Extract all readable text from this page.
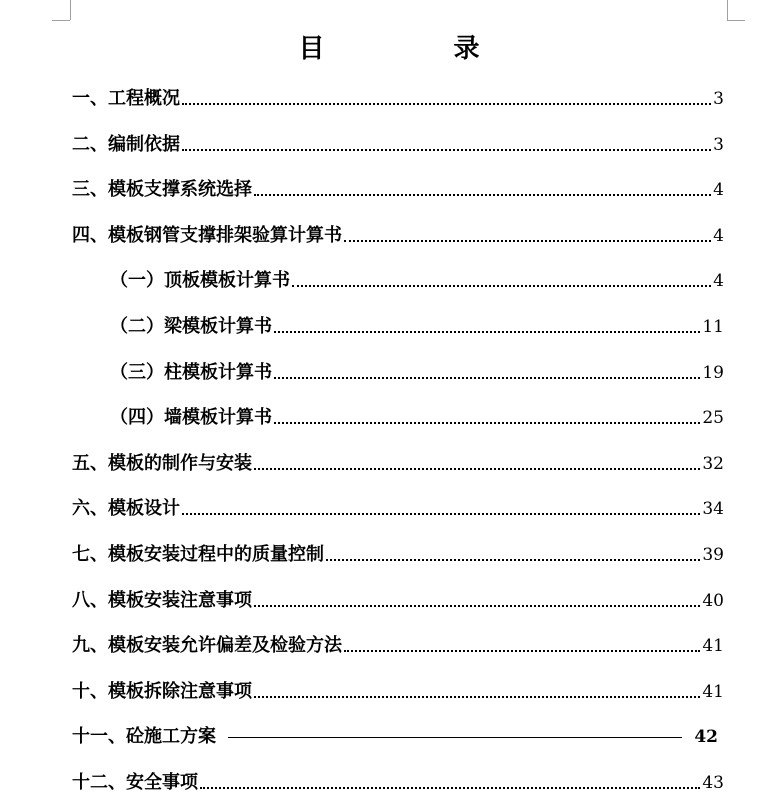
目 录
一、工程概况	3
二、编制依据	3
三、模板支撑系统选择	4
四、模板钢管支撑排架验算计算书	4
（一）顶板模板计算书	4
（二）梁模板计算书	11
（三）柱模板计算书	19
（四）墙模板计算书	25
五、模板的制作与安装	32
六、模板设计	34
七、模板安装过程中的质量控制	39
八、模板安装注意事项	40
九、模板安装允许偏差及检验方法	41
十、模板拆除注意事项	41
十一、砼施工方案	42
十二、安全事项	43
